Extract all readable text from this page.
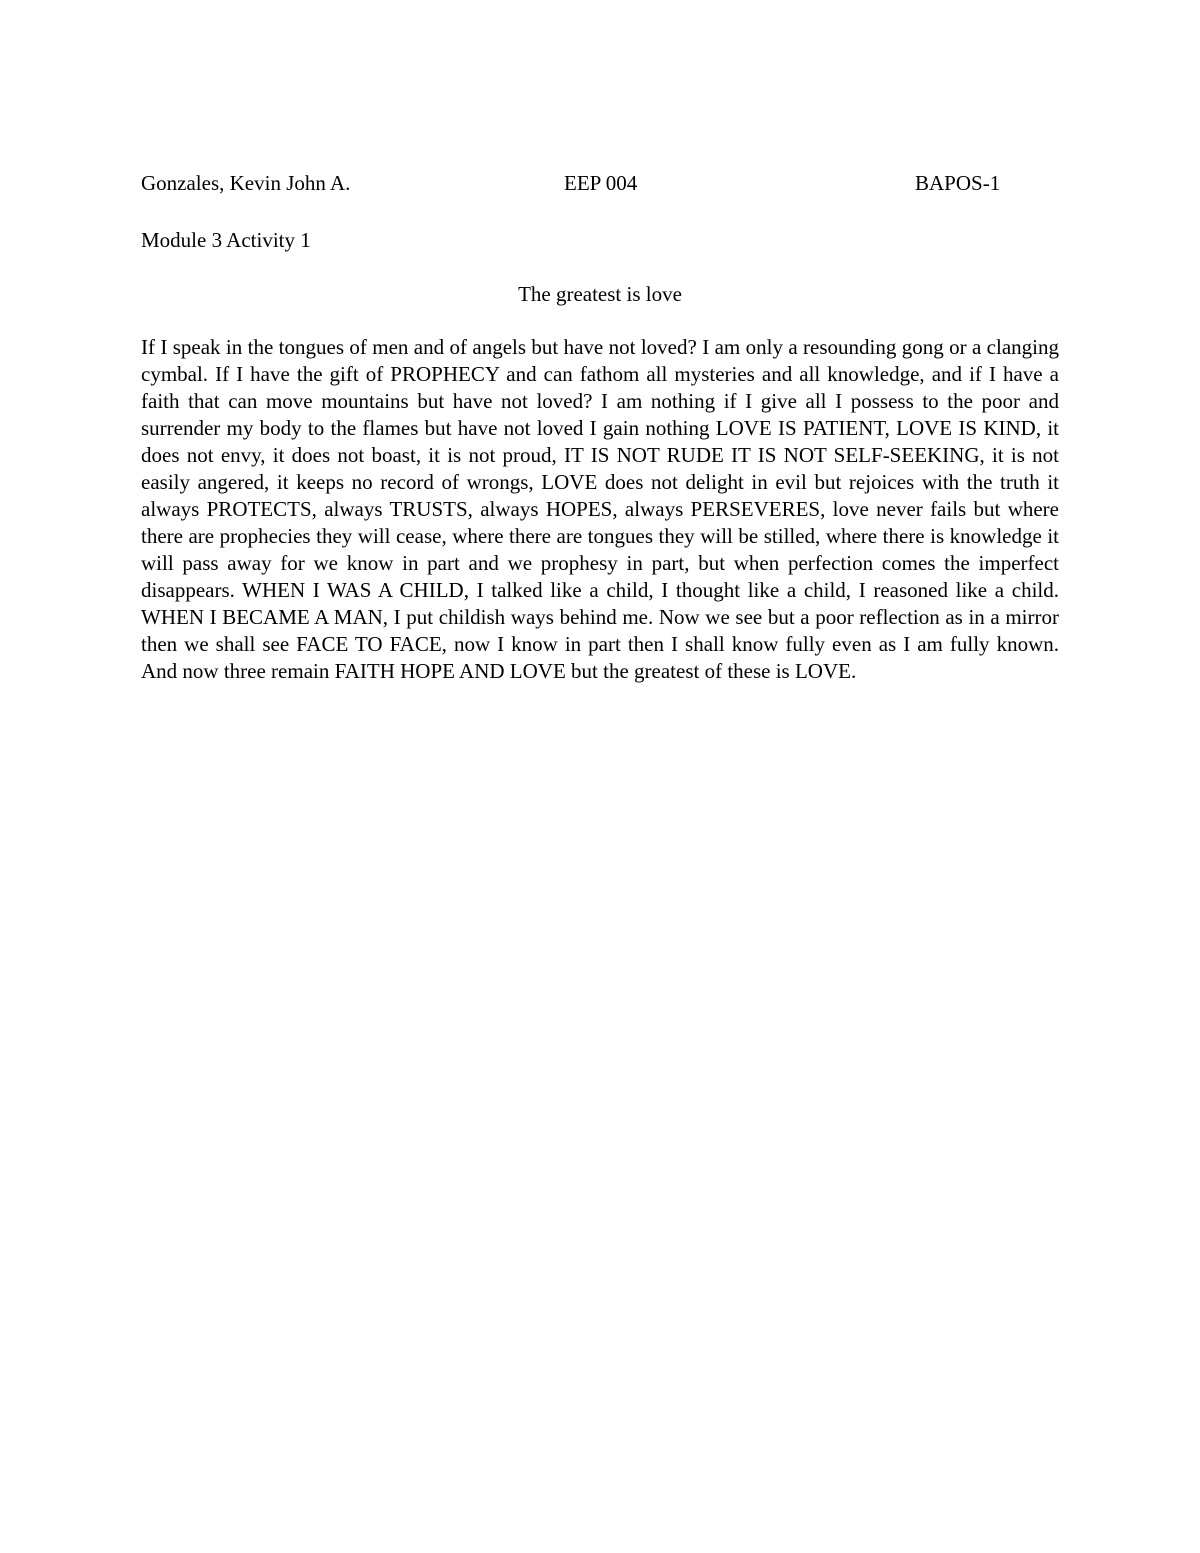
Gonzales, Kevin John A.	EEP 004	BAPOS-1
Module 3 Activity 1
The greatest is love

If I speak in the tongues of men and of angels but have not loved? I am only a resounding gong or a clanging cymbal. If I have the gift of PROPHECY and can fathom all mysteries and all knowledge, and if I have a faith that can move mountains but have not loved? I am nothing if I give all I possess to the poor and surrender my body to the flames but have not loved I gain nothing LOVE IS PATIENT, LOVE IS KIND, it does not envy, it does not boast, it is not proud, IT IS NOT RUDE IT IS NOT SELF-SEEKING, it is not easily angered, it keeps no record of wrongs, LOVE does not delight in evil but rejoices with the truth it always PROTECTS, always TRUSTS, always HOPES, always PERSEVERES, love never fails but where there are prophecies they will cease, where there are tongues they will be stilled, where there is knowledge it will pass away for we know in part and we prophesy in part, but when perfection comes the imperfect disappears. WHEN I WAS A CHILD, I talked like a child, I thought like a child, I reasoned like a child. WHEN I BECAME A MAN, I put childish ways behind me. Now we see but a poor reflection as in a mirror then we shall see FACE TO FACE, now I know in part then I shall know fully even as I am fully known. And now three remain FAITH HOPE AND LOVE but the greatest of these is LOVE.
